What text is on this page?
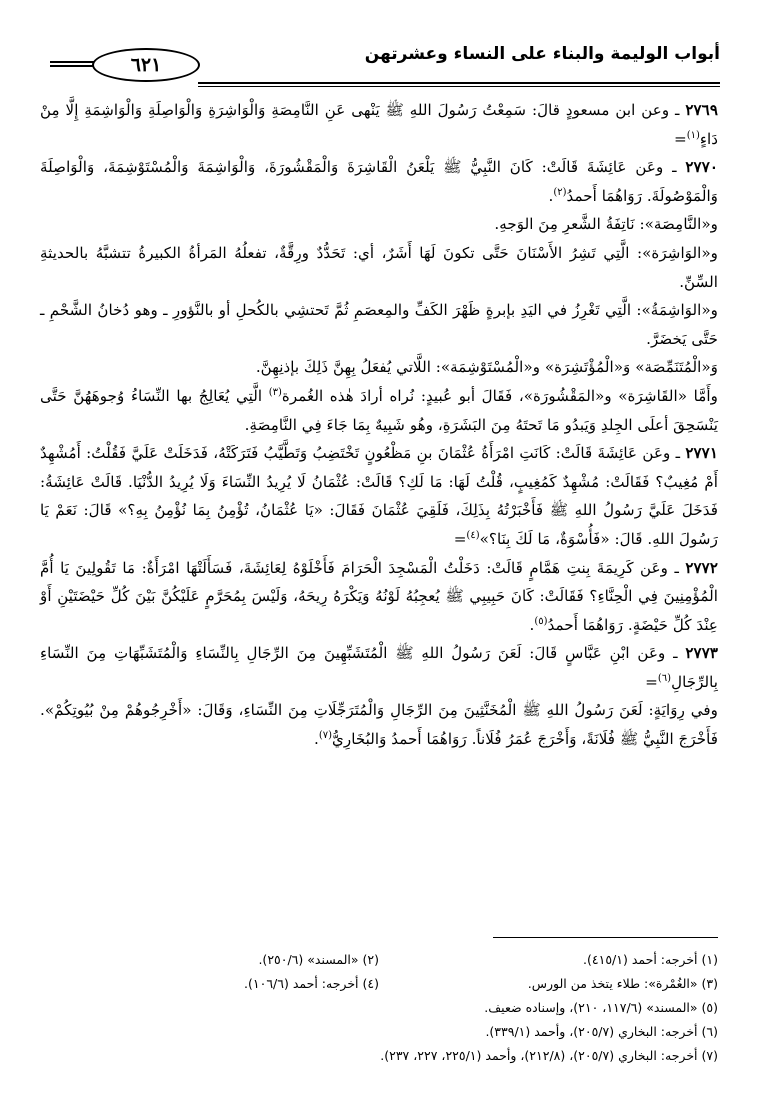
أبواب الوليمة والبناء على النساء وعشرتهن
٦٢١

٢٧٦٩ ـ وعن ابن مسعودٍ قالَ: سَمِعْتُ رَسُولَ اللهِ ﷺ يَنْهى عَنِ النَّامِصَةِ وَالْوَاشِرَةِ وَالْوَاصِلَةِ وَالْوَاشِمَةِ إِلَّا مِنْ دَاءٍ$^{(١)}$=

٢٧٧٠ ـ وعَن عَائِشَةَ قَالَتْ: كَانَ النَّبِيُّ ﷺ يَلْعَنُ الْقَاشِرَةَ وَالْمَقْشُورَةَ، وَالْوَاشِمَةَ وَالْمُسْتَوْشِمَةَ، وَالْوَاصِلَةَ وَالْمَوْصُولَةَ. رَوَاهُمَا أَحمدُ$^{(٢)}$.

و«النَّامِصَة»: نَاتِفَةُ الشَّعرِ مِنَ الوَجهِ.

و«الوَاشِرَة»: الَّتِي تَشِرُ الأَسْنَانَ حَتَّى تكونَ لَهَا أَشَرٌ، أي: تَحَدُّدٌ ورِقَّةٌ، تفعلُهُ المَرأةُ الكبيرةُ تتشبَّهُ بالحديثةِ السِّنِّ.

و«الوَاشِمَةُ»: الَّتِي تَغْرِزُ في اليَدِ بإبرةٍ ظَهْرَ الكَفِّ والمِعصَمِ ثُمَّ تَحتشِي بالكُحلِ أو بالنَّؤورِ ـ وهو دُخانُ الشَّحْمِ ـ حَتَّى يَخضَرَّ.

وَ«الْمُتَنَمِّصَة» وَ«الْمُؤْتَشِرَة» و«الْمُسْتَوْشِمَة»: اللَّاتي يُفعَلُ بِهِنَّ ذَلِكَ بإذنِهِنَّ.

وأَمَّا «القَاشِرَة» و«المَقْشُورَة»، فَقَالَ أبو عُبيدٍ: نُراه أرادَ هٰذه الغُمرة$^{(٣)}$ الَّتِي يُعَالِجُ بها النِّسَاءُ وُجوهَهُنَّ حَتَّى يَنْسَحِقَ أعلَى الجِلدِ وَيَبدُو مَا تَحتَهُ مِنَ البَشَرَةِ، وهُو شَبِيهٌ بِمَا جَاءَ فِي النَّامِصَةِ.

٢٧٧١ ـ وعَن عَائِشَةَ قَالَتْ: كَانَتِ امْرَأَةُ عُثْمَانَ بنِ مَظْعُونٍ تَخْتَضِبُ وَتَطَّيَّبُ فَتَرَكَتْهُ، فَدَخَلَتْ عَلَيَّ فَقُلْتُ: أَمُشْهِدٌ أَمْ مُغِيبٌ؟ فَقَالَتْ: مُشْهِدٌ كَمُغِيبٍ، قُلْتُ لَهَا: مَا لَكِ؟ قَالَتْ: عُثْمَانُ لَا يُرِيدُ النِّسَاءَ وَلَا يُرِيدُ الدُّنْيَا. قَالَتْ عَائِشَةُ: فَدَخَلَ عَلَيَّ رَسُولُ اللهِ ﷺ فَأَخْبَرْتُهُ بِذَلِكَ، فَلَقِيَ عُثْمَانَ فَقَالَ: «يَا عُثْمَانُ، تُؤْمِنُ بِمَا نُؤْمِنُ بِهِ؟» قَالَ: نَعَمْ يَا رَسُولَ اللهِ. قَالَ: «فَأُسْوَةٌ، مَا لَكَ بِنَا؟»$^{(٤)}$=

٢٧٧٢ ـ وعَن كَرِيمَةَ بِنتِ هَمَّامٍ قَالَتْ: دَخَلْتُ الْمَسْجِدَ الْحَرَامَ فَأَخْلَوْهُ لِعَائِشَةَ، فَسَأَلَتْهَا امْرَأَةٌ: مَا تَقُولِينَ يَا أُمَّ الْمُؤْمِنِينَ فِي الْحِنَّاءِ؟ فَقَالَتْ: كَانَ حَبِيبِي ﷺ يُعجِبُهُ لَوْنُهُ وَيَكْرَهُ رِيحَهُ، وَلَيْسَ بِمُحَرَّمٍ عَلَيْكُنَّ بَيْنَ كُلِّ حَيْضَتَيْنِ أَوْ عِنْدَ كُلِّ حَيْضَةٍ. رَوَاهُمَا أَحمدُ$^{(٥)}$.

٢٧٧٣ ـ وعَن ابْنِ عَبَّاسٍ قَالَ: لَعَنَ رَسُولُ اللهِ ﷺ الْمُتَشَبِّهِينَ مِنَ الرِّجَالِ بِالنِّسَاءِ وَالْمُتَشَبِّهَاتِ مِنَ النِّسَاءِ بِالرِّجَالِ$^{(٦)}$=

وفي رِوَايَةٍ: لَعَنَ رَسُولُ اللهِ ﷺ الْمُخَنَّثِينَ مِنَ الرِّجَالِ وَالْمُتَرَجِّلَاتِ مِنَ النِّسَاءِ، وَقَالَ: «أَخْرِجُوهُمْ مِنْ بُيُوتِكُمْ». فَأَخْرَجَ النَّبِيُّ ﷺ فُلَانَةً، وَأَخْرَجَ عُمَرُ فُلَاناً. رَوَاهُمَا أَحمدُ وَالبُخَارِيُّ$^{(٧)}$.

(١) أخرجه: أحمد (٤١٥/١).
(٢) «المسند» (٢٥٠/٦).
(٣) «الغُمْرة»: طلاء يتخذ من الورس.
(٤) أخرجه: أحمد (١٠٦/٦).
(٥) «المسند» (١١٧/٦، ٢١٠)، وإسناده ضعيف.
(٦) أخرجه: البخاري (٢٠٥/٧)، وأحمد (٣٣٩/١).
(٧) أخرجه: البخاري (٢٠٥/٧)، (٢١٢/٨)، وأحمد (٢٢٥/١، ٢٢٧، ٢٣٧).
